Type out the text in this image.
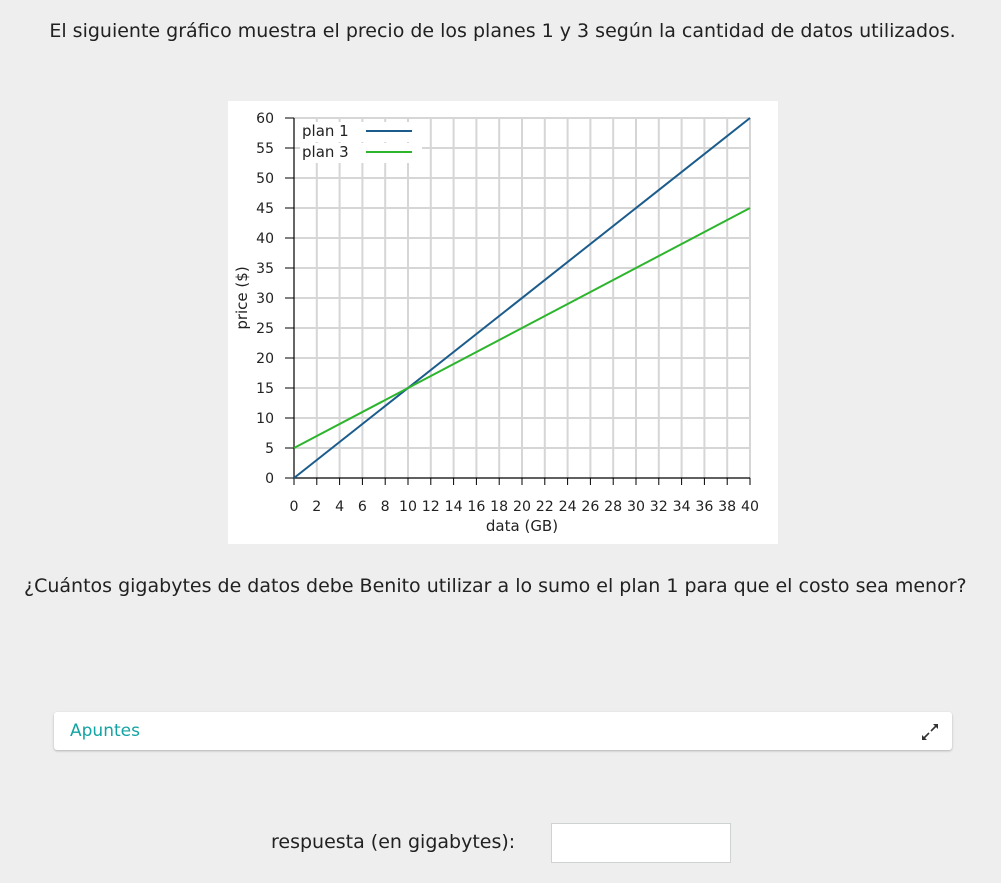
El siguiente gráfico muestra el precio de los planes 1 y 3 según la cantidad de datos utilizados.
0
5
10
15
20
25
30
35
40
45
50
55
60
0 2 4 6 8 10 12 14 16 18 20 22 24 26 28 30 32 34 36 38 40
data (GB)
price ($)
plan 1
plan 3
¿Cuántos gigabytes de datos debe Benito utilizar a lo sumo el plan 1 para que el costo sea menor?
Apuntes
respuesta (en gigabytes):
